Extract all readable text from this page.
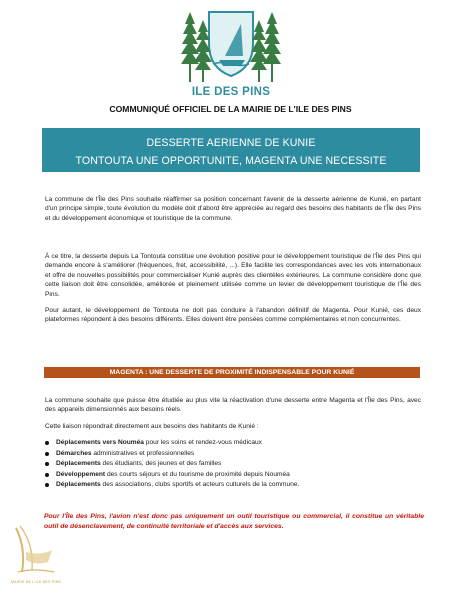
ILE DES PINS
COMMUNIQUÉ OFFICIEL DE LA MAIRIE DE L'ILE DES PINS
DESSERTE AERIENNE DE KUNIE
TONTOUTA UNE OPPORTUNITE, MAGENTA UNE NECESSITE
La commune de l'Île des Pins souhaite réaffirmer sa position concernant l'avenir de la desserte aérienne de Kunié, en partant d'un principe simple, toute évolution du modèle doit d'abord être appréciée au regard des besoins des habitants de l'Île des Pins et du développement économique et touristique de la commune.
À ce titre, la desserte depuis La Tontouta constitue une évolution positive pour le développement touristique de l'Île des Pins qui demande encore à s'améliorer (fréquences, fret, accessibilité, ...). Elle facilite les correspondances avec les vols internationaux et offre de nouvelles possibilités pour commercialiser Kunié auprès des clientèles extérieures. La commune considère donc que cette liaison doit être consolidée, améliorée et pleinement utilisée comme un levier de développement touristique de l'Île des Pins.
Pour autant, le développement de Tontouta ne doit pas conduire à l'abandon définitif de Magenta. Pour Kunié, ces deux plateformes répondent à des besoins différents. Elles doivent être pensées comme complémentaires et non concurrentes.
MAGENTA : UNE DESSERTE DE PROXIMITÉ INDISPENSABLE POUR KUNIÉ
La commune souhaite que puisse être étudiée au plus vite la réactivation d'une desserte entre Magenta et l'Île des Pins, avec des appareils dimensionnés aux besoins réels.
Cette liaison répondrait directement aux besoins des habitants de Kunié :
Déplacements vers Nouméa pour les soins et rendez-vous médicaux
Démarches administratives et professionnelles
Déplacements des étudiants, des jeunes et des familles
Développement des courts séjours et du tourisme de proximité depuis Nouméa
Déplacements des associations, clubs sportifs et acteurs culturels de la commune.
Pour l'Île des Pins, l'avion n'est donc pas uniquement un outil touristique ou commercial, il constitue un véritable outil de désenclavement, de continuité territoriale et d'accès aux services.
MAIRIE DE L'ILE DES PINS
